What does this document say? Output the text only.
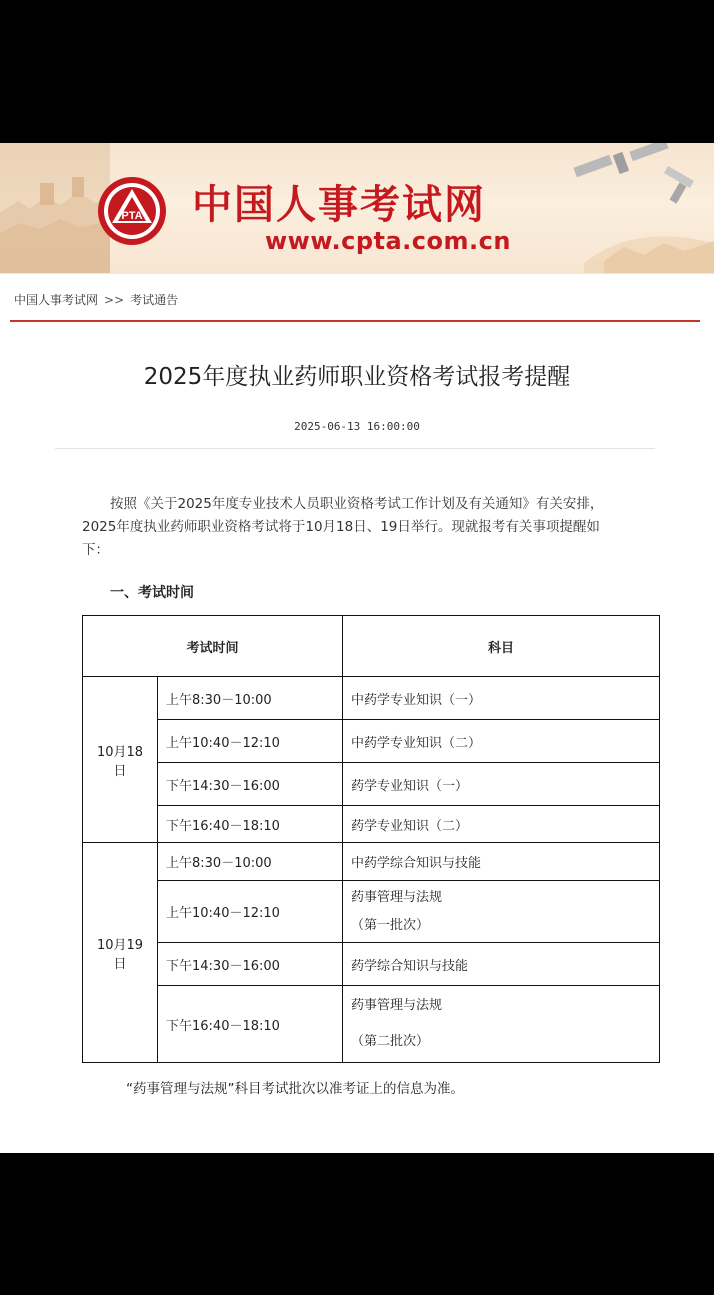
PTA 中国人事考试网
www.cpta.com.cn
中国人事考试网 >> 考试通告
2025年度执业药师职业资格考试报考提醒
2025-06-13 16:00:00
按照《关于2025年度专业技术人员职业资格考试工作计划及有关通知》有关安排，
2025年度执业药师职业资格考试将于10月18日、19日举行。现就报考有关事项提醒如
下：
一、考试时间
考试时间		科目
10月18日	上午8:30－10:00	中药学专业知识（一）
	上午10:40－12:10	中药学专业知识（二）
	下午14:30－16:00	药学专业知识（一）
	下午16:40－18:10	药学专业知识（二）
10月19日	上午8:30－10:00	中药学综合知识与技能
	上午10:40－12:10	药事管理与法规
（第一批次）

	下午14:30－16:00	药学综合知识与技能
	下午16:40－18:10	药事管理与法规
（第二批次）
“药事管理与法规”科目考试批次以准考证上的信息为准。
